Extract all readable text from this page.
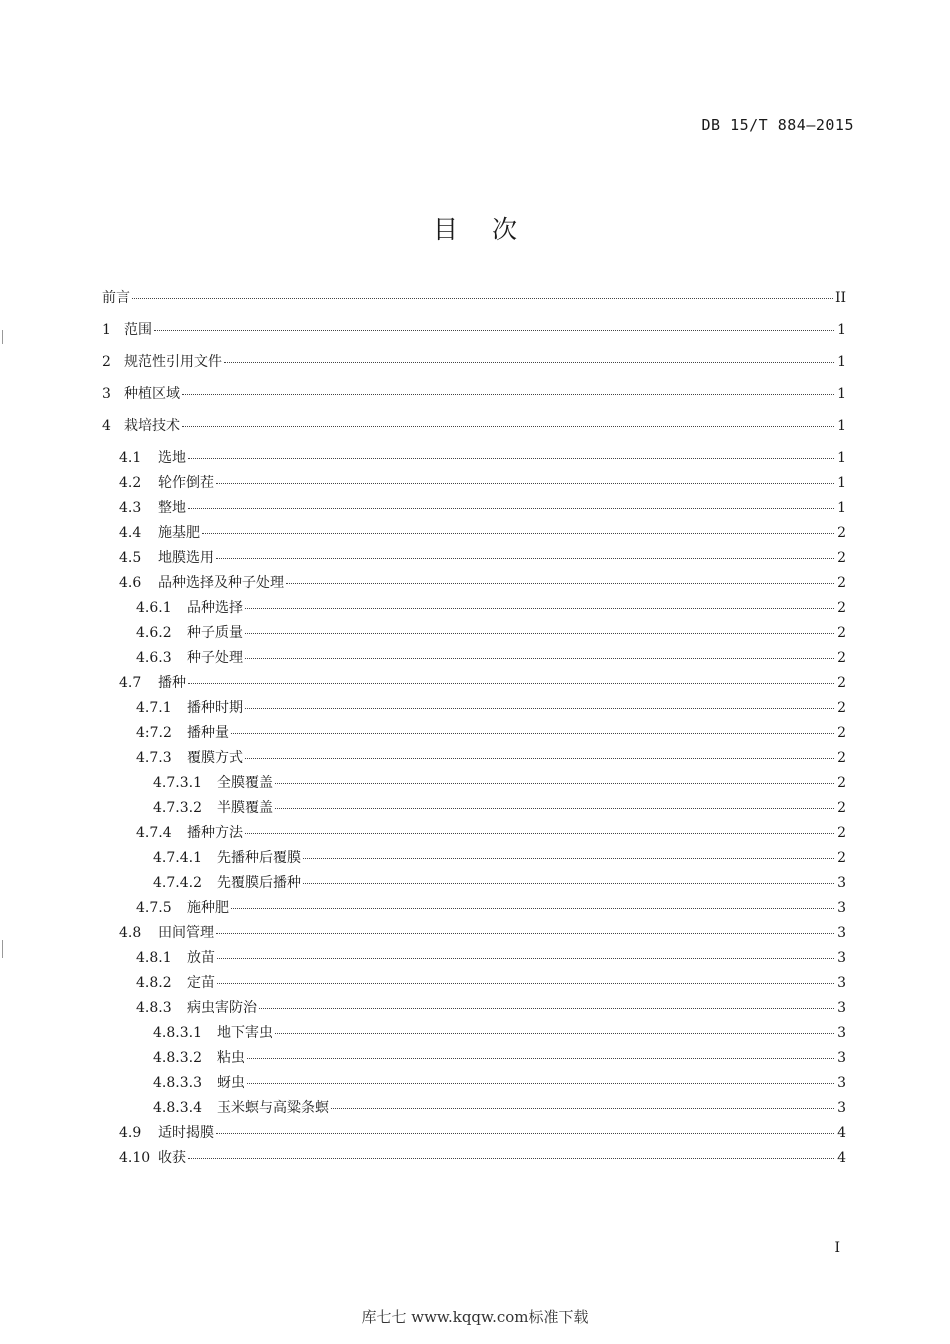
DB 15/T 884—2015
目次
前言	II
1 范围	1
2 规范性引用文件	1
3 种植区域	1
4 栽培技术	1
4.1	选地	1
4.2	轮作倒茬	1
4.3	整地	1
4.4	施基肥	2
4.5	地膜选用	2
4.6	品种选择及种子处理	2
4.6.1	品种选择	2
4.6.2	种子质量	2
4.6.3	种子处理	2
4.7	播种	2
4.7.1	播种时期	2
4:7.2	播种量	2
4.7.3	覆膜方式	2
4.7.3.1	全膜覆盖	2
4.7.3.2	半膜覆盖	2
4.7.4	播种方法	2
4.7.4.1	先播种后覆膜	2
4.7.4.2	先覆膜后播种	3
4.7.5	施种肥	3
4.8	田间管理	3
4.8.1	放苗	3
4.8.2	定苗	3
4.8.3	病虫害防治	3
4.8.3.1	地下害虫	3
4.8.3.2	粘虫	3
4.8.3.3	蚜虫	3
4.8.3.4	玉米螟与高粱条螟	3
4.9	适时揭膜	4
4.10 收获	4
I
库七七 www.kqqw.com标准下载
